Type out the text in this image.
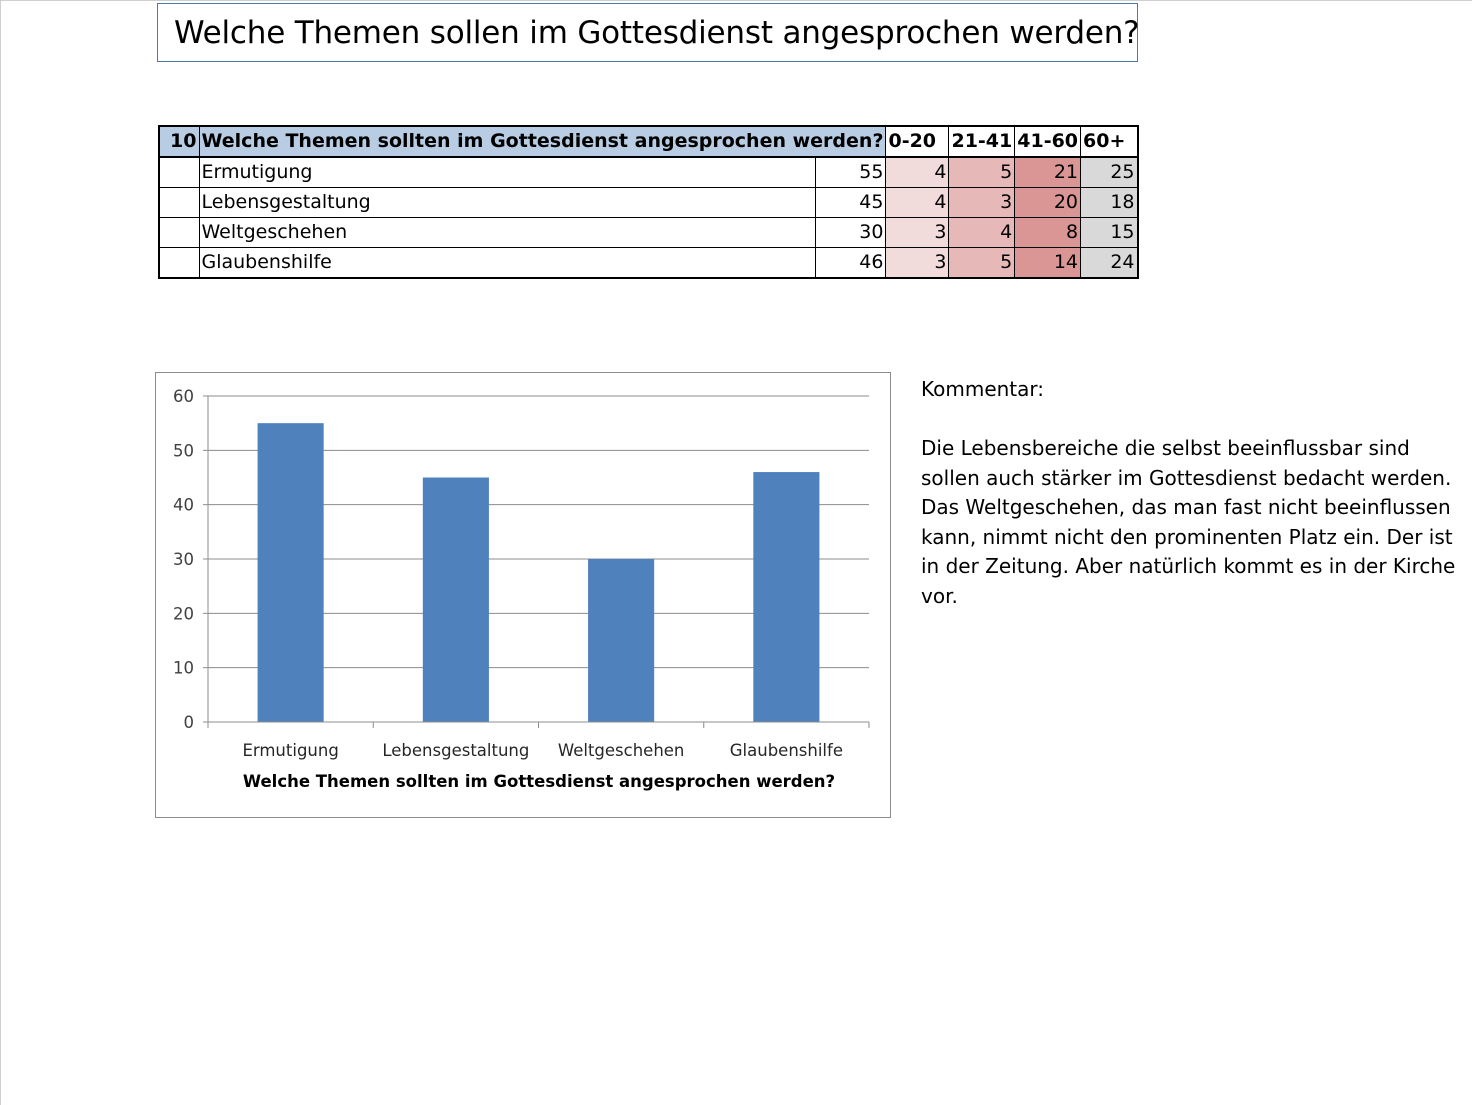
Welche Themen sollen im Gottesdienst angesprochen werden?
10	Welche Themen sollten im Gottesdienst angesprochen werden?		0-20	21-41	41-60	60+
	Ermutigung	55	4	5	21	25
	Lebensgestaltung	45	4	3	20	18
	Weltgeschehen	30	3	4	8	15
	Glaubenshilfe	46	3	5	14	24
0
10
20
30
40
50
60
Ermutigung	Lebensgestaltung Weltgeschehen	Glaubenshilfe
Welche Themen sollten im Gottesdienst angesprochen werden?
Kommentar:
Die Lebensbereiche die selbst beeinflussbar sind
sollen auch stärker im Gottesdienst bedacht werden.
Das Weltgeschehen, das man fast nicht beeinflussen
kann, nimmt nicht den prominenten Platz ein. Der ist
in der Zeitung. Aber natürlich kommt es in der Kirche
vor.
